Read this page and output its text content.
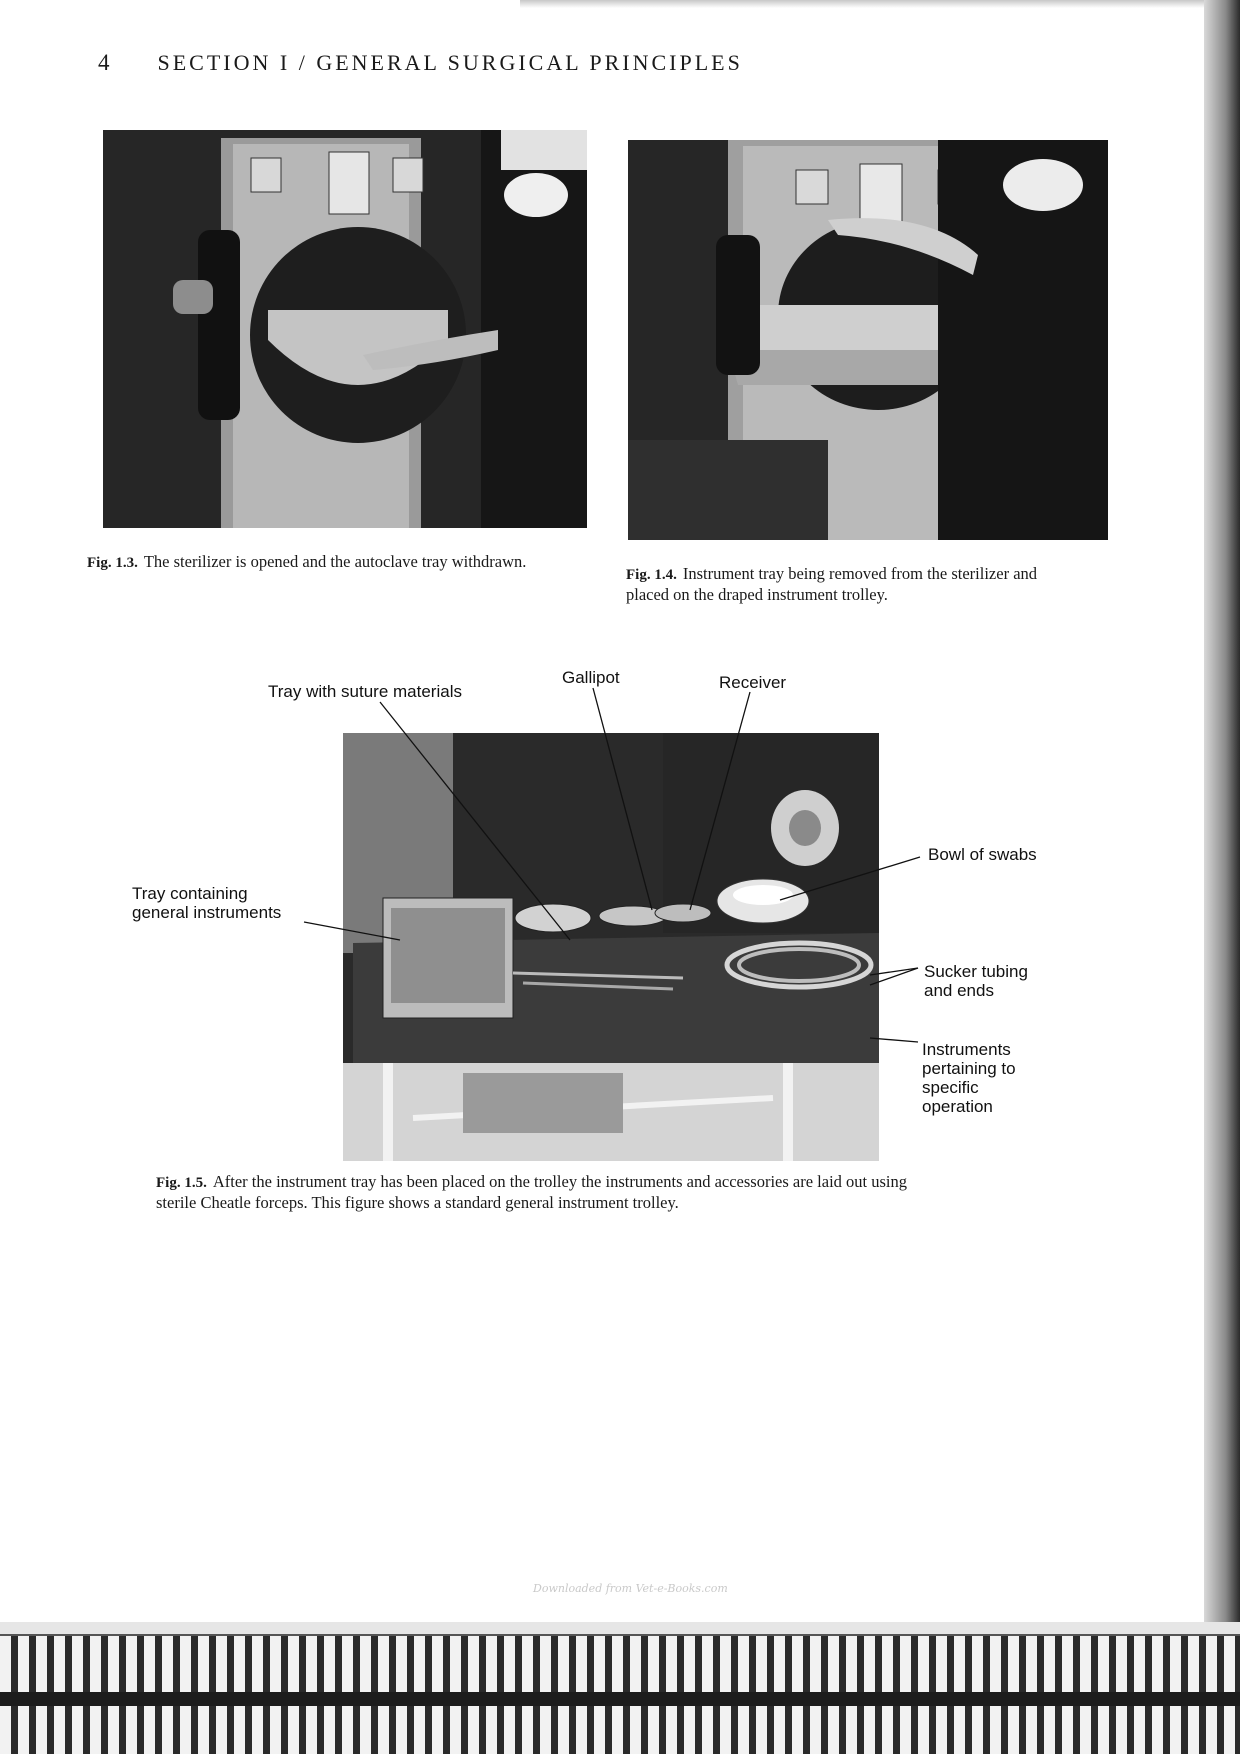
4 SECTION I / GENERAL SURGICAL PRINCIPLES
Fig. 1.3. The sterilizer is opened and the autoclave tray withdrawn.
Fig. 1.4. Instrument tray being removed from the sterilizer and
placed on the draped instrument trolley.
Tray with suture materials
Gallipot	Receiver
Bowl of swabs
Tray containing
general instruments
Sucker tubing
and ends
Instruments
pertaining to
specific
operation
Fig. 1.5. After the instrument tray has been placed on the trolley the instruments and accessories are laid out using
sterile Cheatle forceps. This figure shows a standard general instrument trolley.
Downloaded from Vet-e-Books.com
